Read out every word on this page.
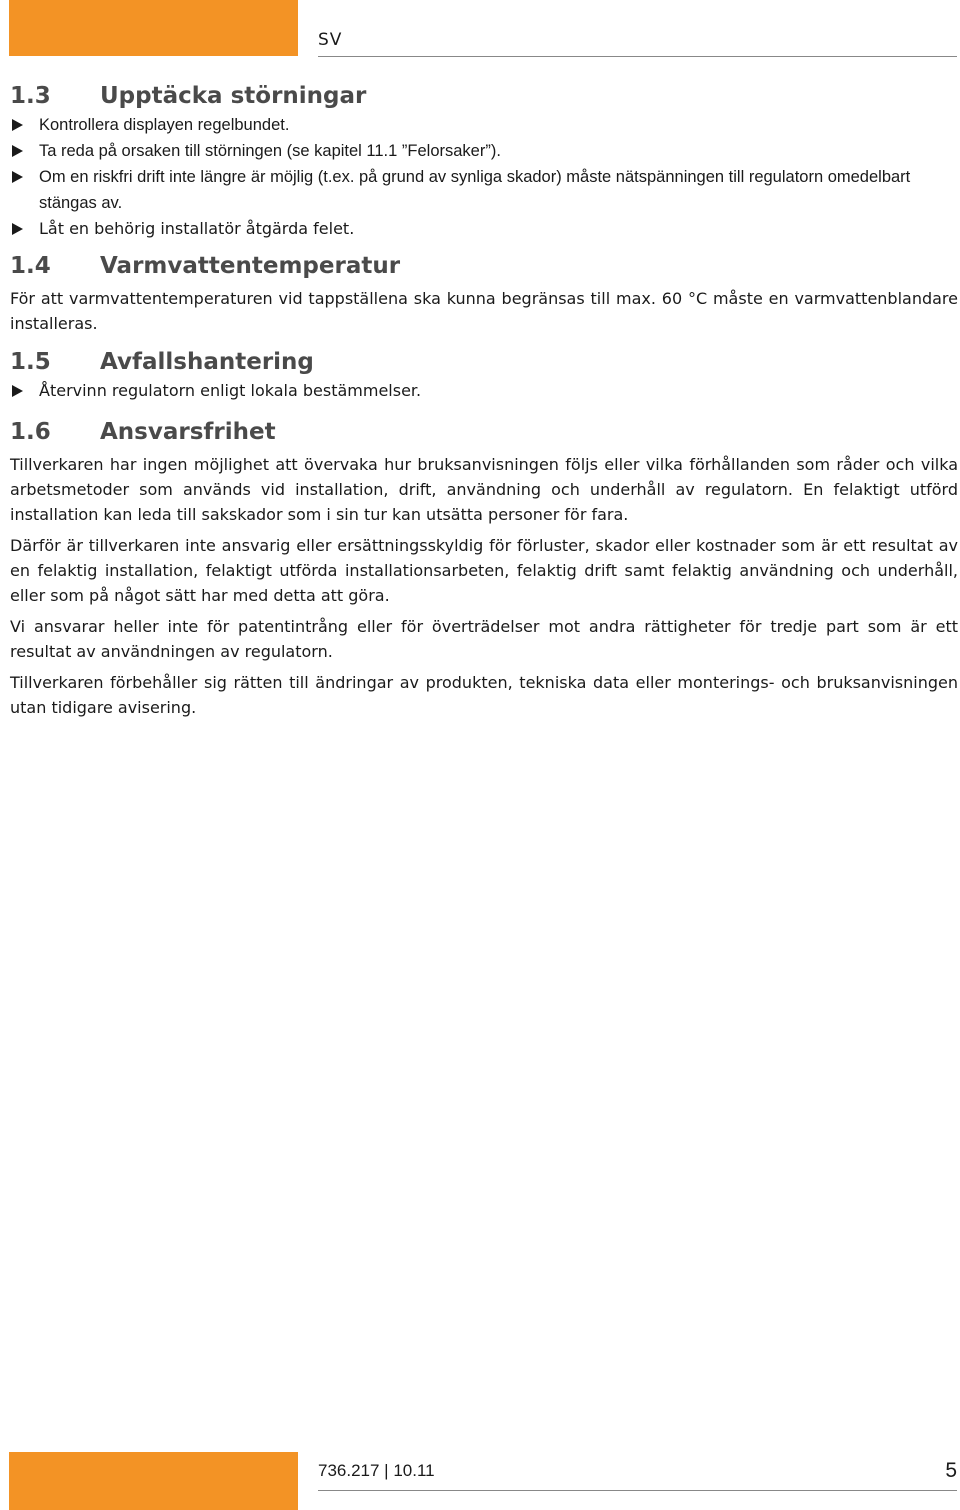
SV
1.3	Upptäcka störningar
Kontrollera displayen regelbundet.
Ta reda på orsaken till störningen (se kapitel 11.1 ”Felorsaker”).
Om en riskfri drift inte längre är möjlig (t.ex. på grund av synliga skador) måste nätspänningen till regulatorn omedelbart stängas av.
Låt en behörig installatör åtgärda felet.
1.4	Varmvattentemperatur

För att varmvattentemperaturen vid tappställena ska kunna begränsas till max. 60 °C måste en varmvattenblandare installeras.

1.5	Avfallshantering
Återvinn regulatorn enligt lokala bestämmelser.
1.6	Ansvarsfrihet

Tillverkaren har ingen möjlighet att övervaka hur bruksanvisningen följs eller vilka förhållanden som råder och vilka arbetsmetoder som används vid installation, drift, användning och underhåll av regulatorn. En felaktigt utförd installation kan leda till sakskador som i sin tur kan utsätta personer för fara.

Därför är tillverkaren inte ansvarig eller ersättningsskyldig för förluster, skador eller kostnader som är ett resultat av en felaktig installation, felaktigt utförda installationsarbeten, felaktig drift samt felaktig användning och underhåll, eller som på något sätt har med detta att göra.

Vi ansvarar heller inte för patentintrång eller för överträdelser mot andra rättigheter för tredje part som är ett resultat av användningen av regulatorn.

Tillverkaren förbehåller sig rätten till ändringar av produkten, tekniska data eller monterings- och bruksanvisningen utan tidigare avisering.

736.217 | 10.11	5
